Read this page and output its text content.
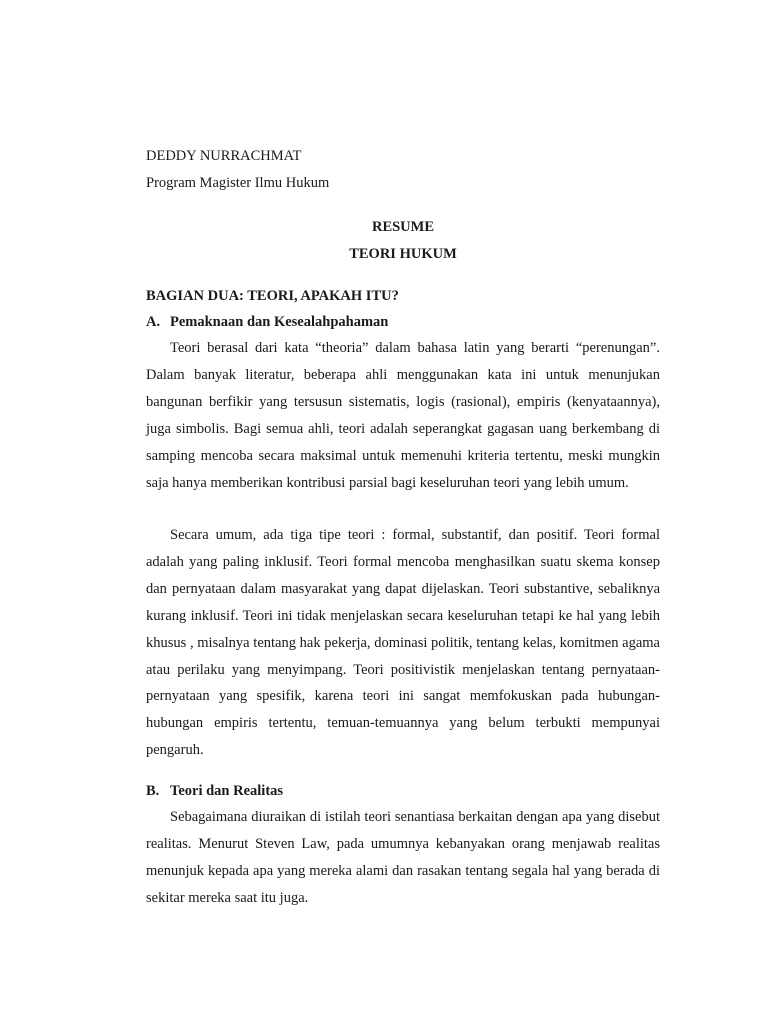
DEDDY NURRACHMAT
Program Magister Ilmu Hukum
RESUME
TEORI HUKUM
BAGIAN DUA: TEORI, APAKAH ITU?
A. Pemaknaan dan Kesealahpahaman

Teori berasal dari kata “theoria” dalam bahasa latin yang berarti “perenungan”. Dalam banyak literatur, beberapa ahli menggunakan kata ini untuk menunjukan bangunan berfikir yang tersusun sistematis, logis (rasional), empiris (kenyataannya), juga simbolis. Bagi semua ahli, teori adalah seperangkat gagasan uang berkembang di samping mencoba secara maksimal untuk memenuhi kriteria tertentu, meski mungkin saja hanya memberikan kontribusi parsial bagi keseluruhan teori yang lebih umum.

Secara umum, ada tiga tipe teori : formal, substantif, dan positif. Teori formal adalah yang paling inklusif. Teori formal mencoba menghasilkan suatu skema konsep dan pernyataan dalam masyarakat yang dapat dijelaskan. Teori substantive, sebaliknya kurang inklusif. Teori ini tidak menjelaskan secara keseluruhan tetapi ke hal yang lebih khusus , misalnya tentang hak pekerja, dominasi politik, tentang kelas, komitmen agama atau perilaku yang menyimpang. Teori positivistik menjelaskan tentang pernyataan-pernyataan yang spesifik, karena teori ini sangat memfokuskan pada hubungan-hubungan empiris tertentu, temuan-temuannya yang belum terbukti mempunyai pengaruh.

B. Teori dan Realitas

Sebagaimana diuraikan di istilah teori senantiasa berkaitan dengan apa yang disebut realitas. Menurut Steven Law, pada umumnya kebanyakan orang menjawab realitas menunjuk kepada apa yang mereka alami dan rasakan tentang segala hal yang berada di sekitar mereka saat itu juga.
